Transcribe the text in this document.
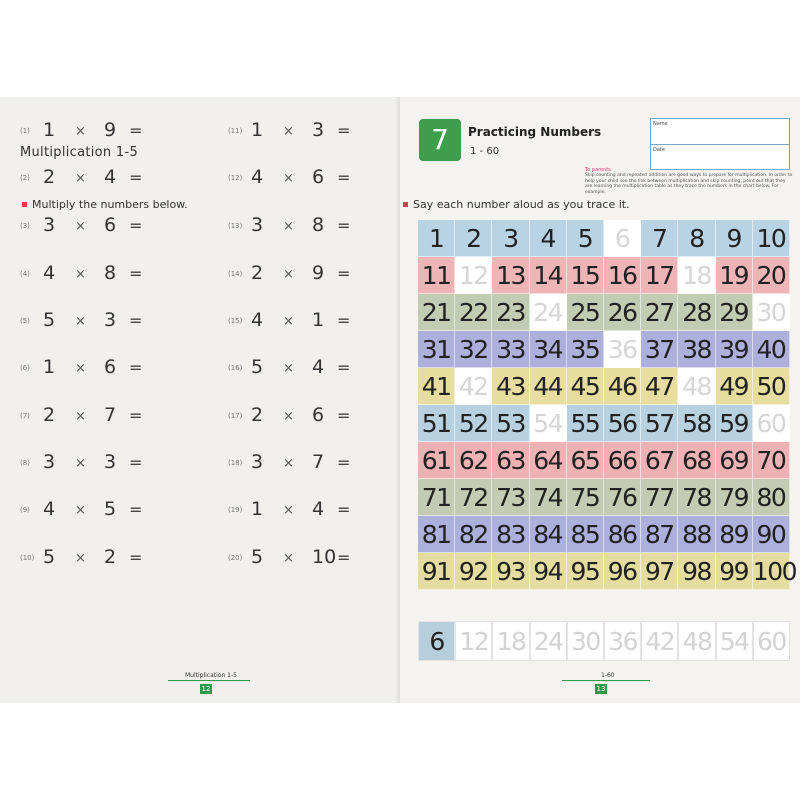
Multiplication 1-5
Multiply the numbers below.
(1) 1 × 9 =
(2) 2 × 4 =
(3) 3 × 6 =
(4) 4 × 8 =
(5) 5 × 3 =
(6) 1 × 6 =
(7) 2 × 7 =
(8) 3 × 3 =
(9) 4 × 5 =
(10) 5 × 2 =
(11) 1 × 3 =
(12) 4 × 6 =
(13) 3 × 8 =
(14) 2 × 9 =
(15) 4 × 1 =
(16) 5 × 4 =
(17) 2 × 6 =
(18) 3 × 7 =
(19) 1 × 4 =
(20) 5 × 10 =
Multiplication 1-5
12
7	Practicing Numbers
1 - 60
Name
Date
To parents
Skip counting and repeated addition are good ways to prepare for multiplication. In order to help your child see the link between multiplication and skip counting, point out that they are learning the multiplication table as they trace the numbers in the chart below. For example,
Say each number aloud as you trace it.
1 2 3 4 5 6 7 8 9 10
11 12 13 14 15 16 17 18 19 20
21 22 23 24 25 26 27 28 29 30
31 32 33 34 35 36 37 38 39 40
41 42 43 44 45 46 47 48 49 50
51 52 53 54 55 56 57 58 59 60
61 62 63 64 65 66 67 68 69 70
71 72 73 74 75 76 77 78 79 80
81 82 83 84 85 86 87 88 89 90
91 92 93 94 95 96 97 98 99 100
6 12 18 24 30 36 42 48 54 60
1-60
13
